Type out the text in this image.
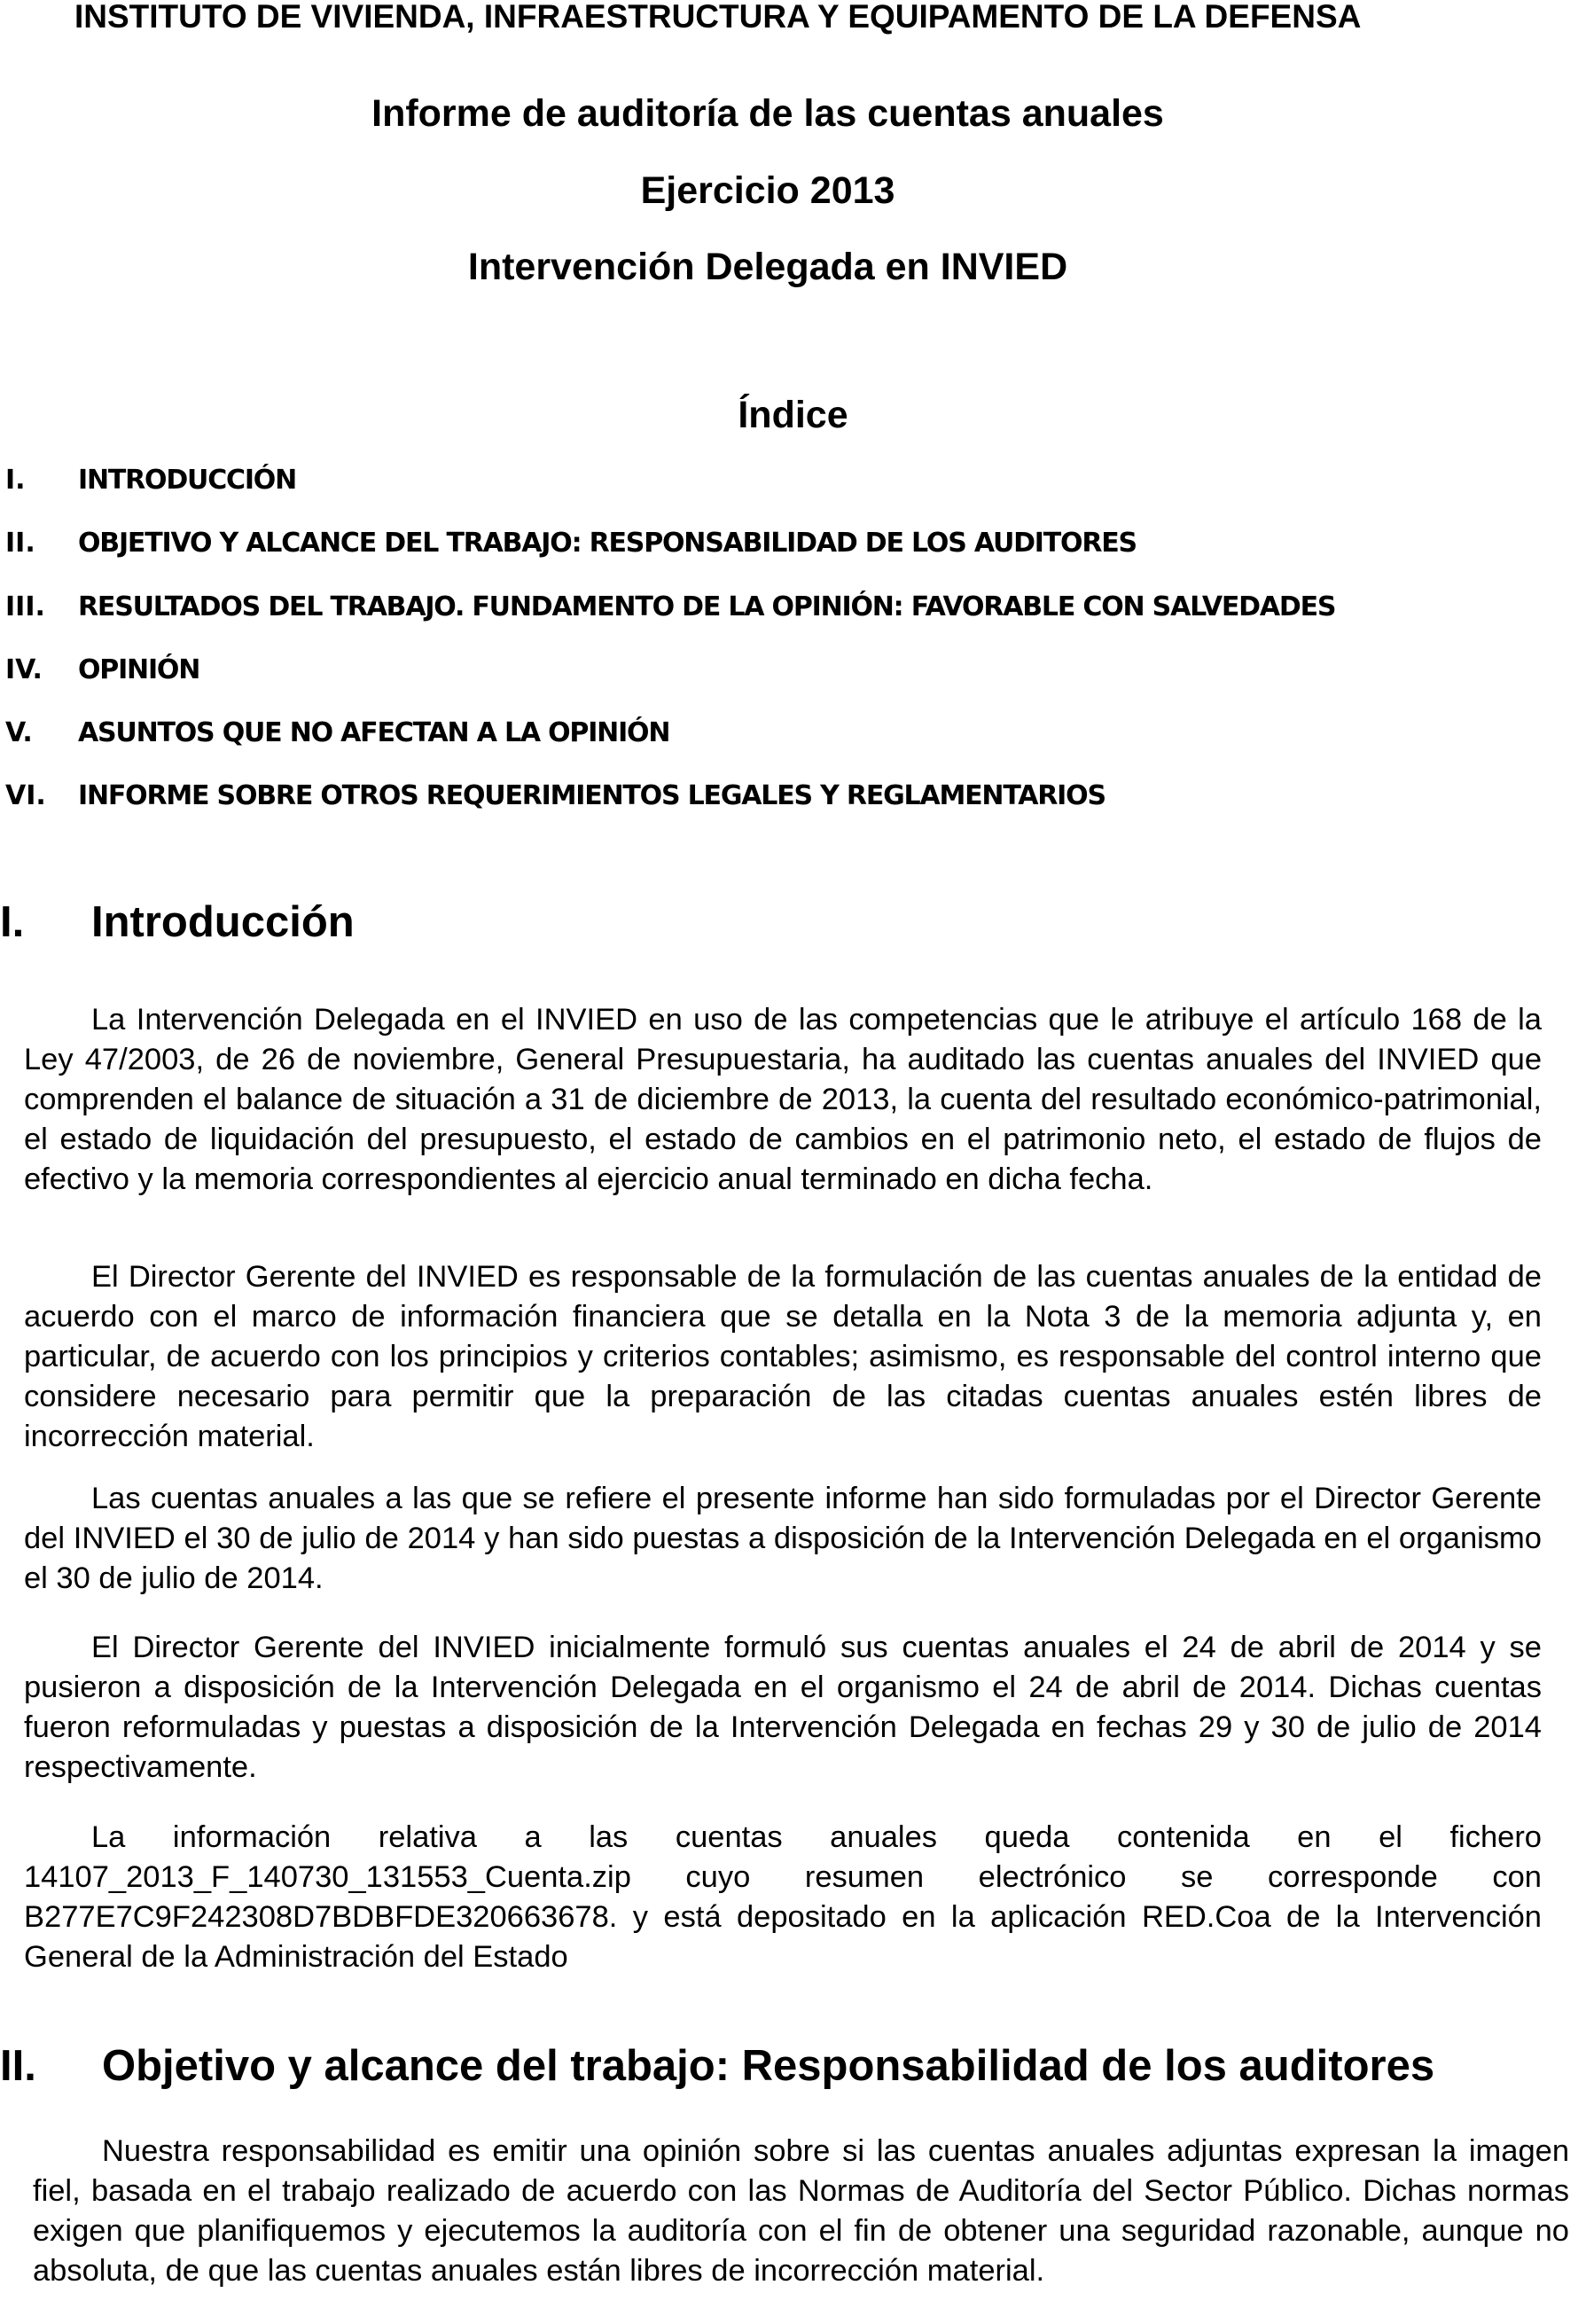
INSTITUTO DE VIVIENDA, INFRAESTRUCTURA Y EQUIPAMENTO DE LA DEFENSA
Informe de auditoría de las cuentas anuales
Ejercicio 2013
Intervención Delegada en INVIED
Índice
I. INTRODUCCIÓN
II. OBJETIVO Y ALCANCE DEL TRABAJO: RESPONSABILIDAD DE LOS AUDITORES
III. RESULTADOS DEL TRABAJO. FUNDAMENTO DE LA OPINIÓN: FAVORABLE CON SALVEDADES
IV. OPINIÓN
V. ASUNTOS QUE NO AFECTAN A LA OPINIÓN
VI. INFORME SOBRE OTROS REQUERIMIENTOS LEGALES Y REGLAMENTARIOS
I. Introducción
La Intervención Delegada en el INVIED en uso de las competencias que le atribuye el artículo 168 de la Ley 47/2003, de 26 de noviembre, General Presupuestaria, ha auditado las cuentas anuales del INVIED que comprenden el balance de situación a 31 de diciembre de 2013, la cuenta del resultado económico-patrimonial, el estado de liquidación del presupuesto, el estado de cambios en el patrimonio neto, el estado de flujos de efectivo y la memoria correspondientes al ejercicio anual terminado en dicha fecha.
El Director Gerente del INVIED es responsable de la formulación de las cuentas anuales de la entidad de acuerdo con el marco de información financiera que se detalla en la Nota 3 de la memoria adjunta y, en particular, de acuerdo con los principios y criterios contables; asimismo, es responsable del control interno que considere necesario para permitir que la preparación de las citadas cuentas anuales estén libres de incorrección material.
Las cuentas anuales a las que se refiere el presente informe han sido formuladas por el Director Gerente del INVIED el 30 de julio de 2014 y han sido puestas a disposición de la Intervención Delegada en el organismo el 30 de julio de 2014.
El Director Gerente del INVIED inicialmente formuló sus cuentas anuales el 24 de abril de 2014 y se pusieron a disposición de la Intervención Delegada en el organismo el 24 de abril de 2014. Dichas cuentas fueron reformuladas y puestas a disposición de la Intervención Delegada en fechas 29 y 30 de julio de 2014 respectivamente.
La información relativa a las cuentas anuales queda contenida en el fichero 14107_2013_F_140730_131553_Cuenta.zip cuyo resumen electrónico se corresponde con B277E7C9F242308D7BDBFDE320663678. y está depositado en la aplicación RED.Coa de la Intervención General de la Administración del Estado
II. Objetivo y alcance del trabajo: Responsabilidad de los auditores
Nuestra responsabilidad es emitir una opinión sobre si las cuentas anuales adjuntas expresan la imagen fiel, basada en el trabajo realizado de acuerdo con las Normas de Auditoría del Sector Público. Dichas normas exigen que planifiquemos y ejecutemos la auditoría con el fin de obtener una seguridad razonable, aunque no absoluta, de que las cuentas anuales están libres de incorrección material.
